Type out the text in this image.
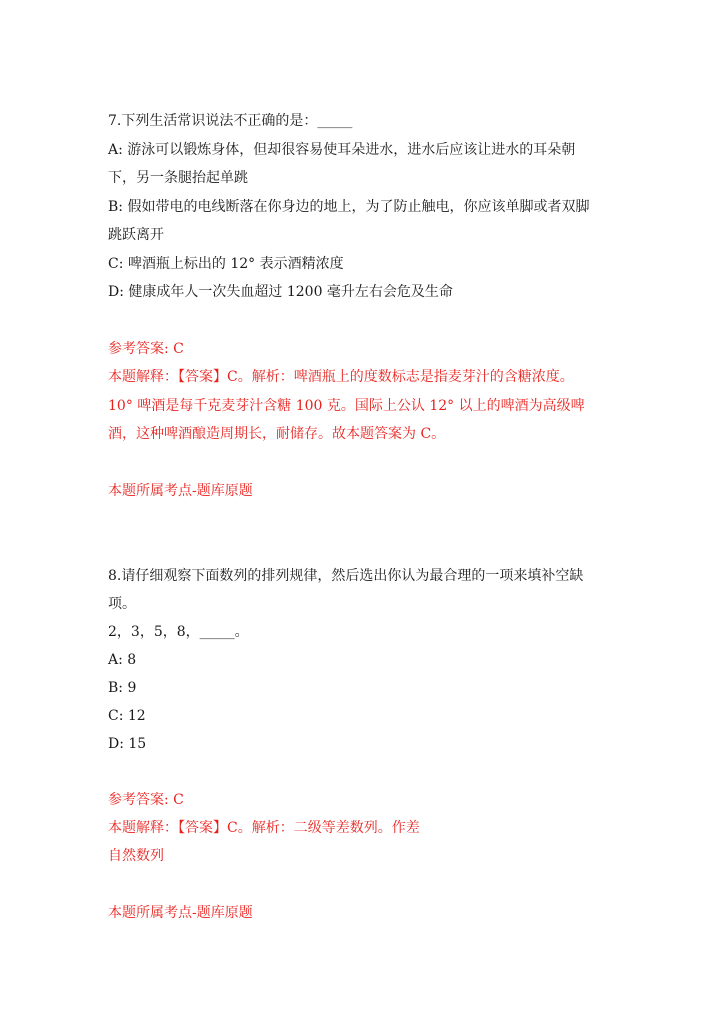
7.下列生活常识说法不正确的是：_____
A: 游泳可以锻炼身体，但却很容易使耳朵进水，进水后应该让进水的耳朵朝
下，另一条腿抬起单跳
B: 假如带电的电线断落在你身边的地上，为了防止触电，你应该单脚或者双脚
跳跃离开
C: 啤酒瓶上标出的 12° 表示酒精浓度
D: 健康成年人一次失血超过 1200 毫升左右会危及生命
参考答案: C
本题解释：【答案】C。解析：啤酒瓶上的度数标志是指麦芽汁的含糖浓度。
10° 啤酒是每千克麦芽汁含糖 100 克。国际上公认 12° 以上的啤酒为高级啤
酒，这种啤酒酿造周期长，耐储存。故本题答案为 C。
本题所属考点-题库原题
8.请仔细观察下面数列的排列规律，然后选出你认为最合理的一项来填补空缺
项。
2，3，5，8，_____。
A: 8
B: 9
C: 12
D: 15
参考答案: C
本题解释：【答案】C。解析：二级等差数列。作差
自然数列
本题所属考点-题库原题
